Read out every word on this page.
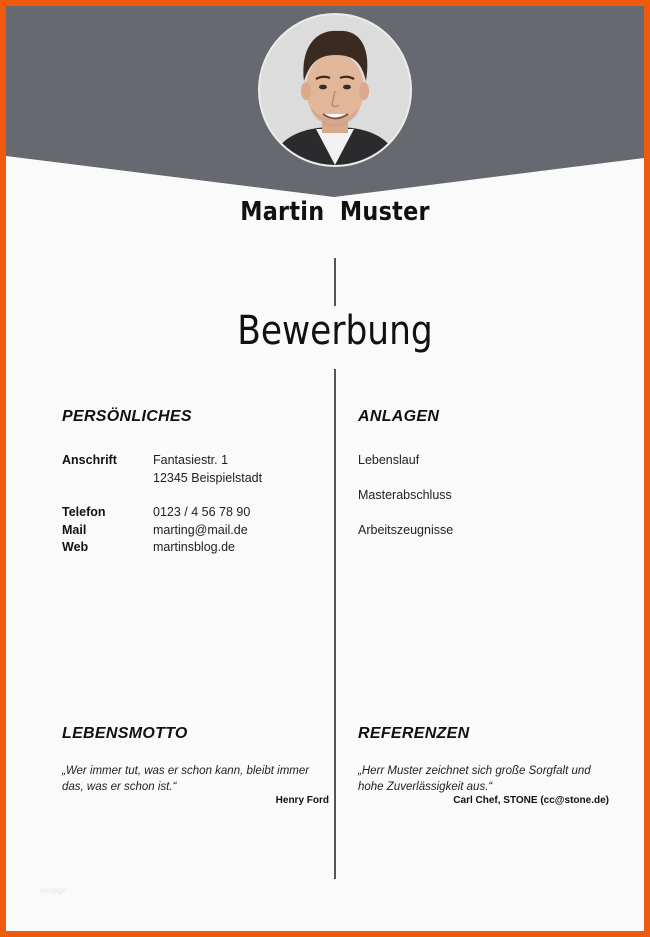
Martin Muster
Bewerbung
PERSÖNLICHES
Anschrift	Fantasiestr. 1
12345 Beispielstadt
Telefon	0123 / 4 56 78 90
Mail	marting@mail.de
Web	martinsblog.de
ANLAGEN
Lebenslauf
Masterabschluss
Arbeitszeugnisse
LEBENSMOTTO
„Wer immer tut, was er schon kann, bleibt immer das, was er schon ist.“
Henry Ford
REFERENZEN
„Herr Muster zeichnet sich große Sorgfalt und hohe Zuverlässigkeit aus.“
Carl Chef, STONE (cc@stone.de)
vorlage
